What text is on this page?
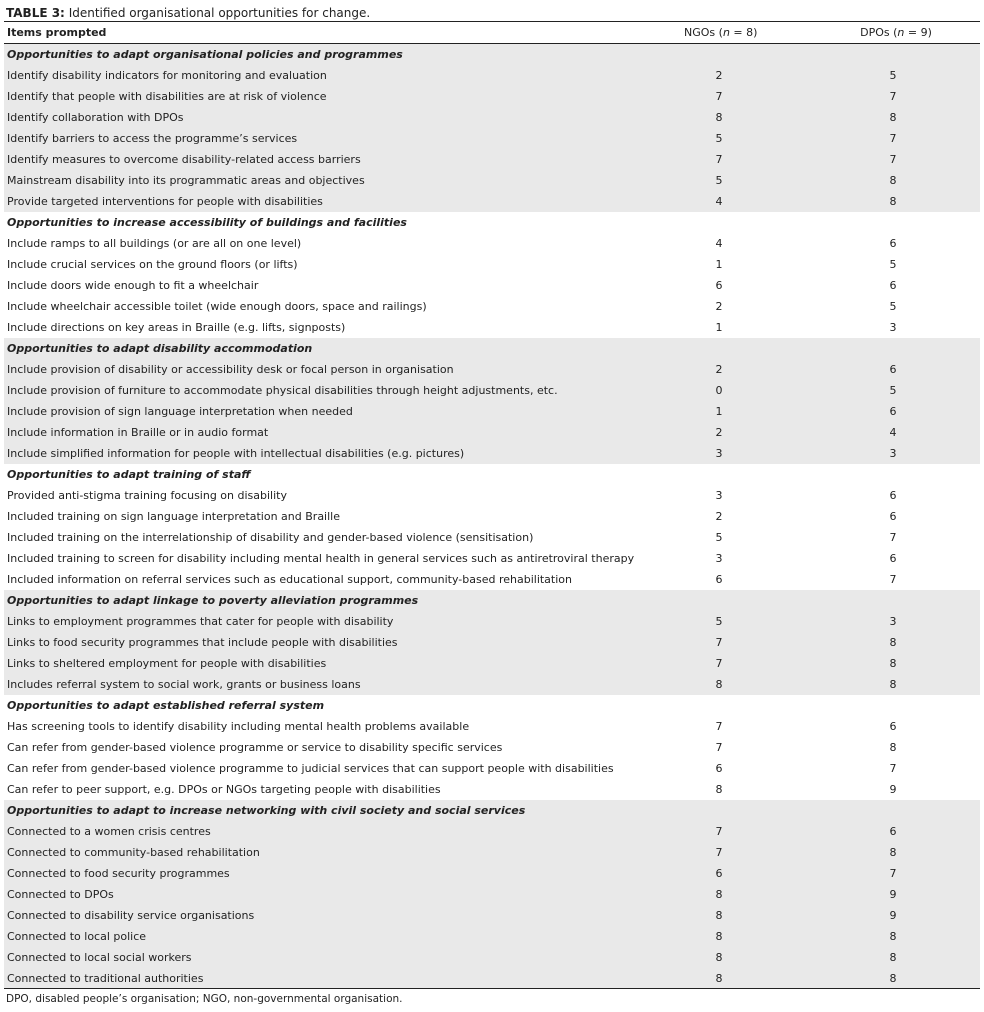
TABLE 3: Identified organisational opportunities for change.
Items prompted	NGOs (n = 8)	DPOs (n = 9)
Opportunities to adapt organisational policies and programmes
Identify disability indicators for monitoring and evaluation	2	5
Identify that people with disabilities are at risk of violence	7	7
Identify collaboration with DPOs	8	8
Identify barriers to access the programme’s services	5	7
Identify measures to overcome disability-related access barriers	7	7
Mainstream disability into its programmatic areas and objectives	5	8
Provide targeted interventions for people with disabilities	4	8
Opportunities to increase accessibility of buildings and facilities
Include ramps to all buildings (or are all on one level)	4	6
Include crucial services on the ground floors (or lifts)	1	5
Include doors wide enough to fit a wheelchair	6	6
Include wheelchair accessible toilet (wide enough doors, space and railings)	2	5
Include directions on key areas in Braille (e.g. lifts, signposts)	1	3
Opportunities to adapt disability accommodation
Include provision of disability or accessibility desk or focal person in organisation	2	6
Include provision of furniture to accommodate physical disabilities through height adjustments, etc.	0	5
Include provision of sign language interpretation when needed	1	6
Include information in Braille or in audio format	2	4
Include simplified information for people with intellectual disabilities (e.g. pictures)	3	3
Opportunities to adapt training of staff
Provided anti-stigma training focusing on disability	3	6
Included training on sign language interpretation and Braille	2	6
Included training on the interrelationship of disability and gender-based violence (sensitisation)	5	7
Included training to screen for disability including mental health in general services such as antiretroviral therapy	3	6
Included information on referral services such as educational support, community-based rehabilitation	6	7
Opportunities to adapt linkage to poverty alleviation programmes
Links to employment programmes that cater for people with disability	5	3
Links to food security programmes that include people with disabilities	7	8
Links to sheltered employment for people with disabilities	7	8
Includes referral system to social work, grants or business loans	8	8
Opportunities to adapt established referral system
Has screening tools to identify disability including mental health problems available	7	6
Can refer from gender-based violence programme or service to disability specific services	7	8
Can refer from gender-based violence programme to judicial services that can support people with disabilities	6	7
Can refer to peer support, e.g. DPOs or NGOs targeting people with disabilities	8	9
Opportunities to adapt to increase networking with civil society and social services
Connected to a women crisis centres	7	6
Connected to community-based rehabilitation	7	8
Connected to food security programmes	6	7
Connected to DPOs	8	9
Connected to disability service organisations	8	9
Connected to local police	8	8
Connected to local social workers	8	8
Connected to traditional authorities	8	8
DPO, disabled people’s organisation; NGO, non-governmental organisation.
